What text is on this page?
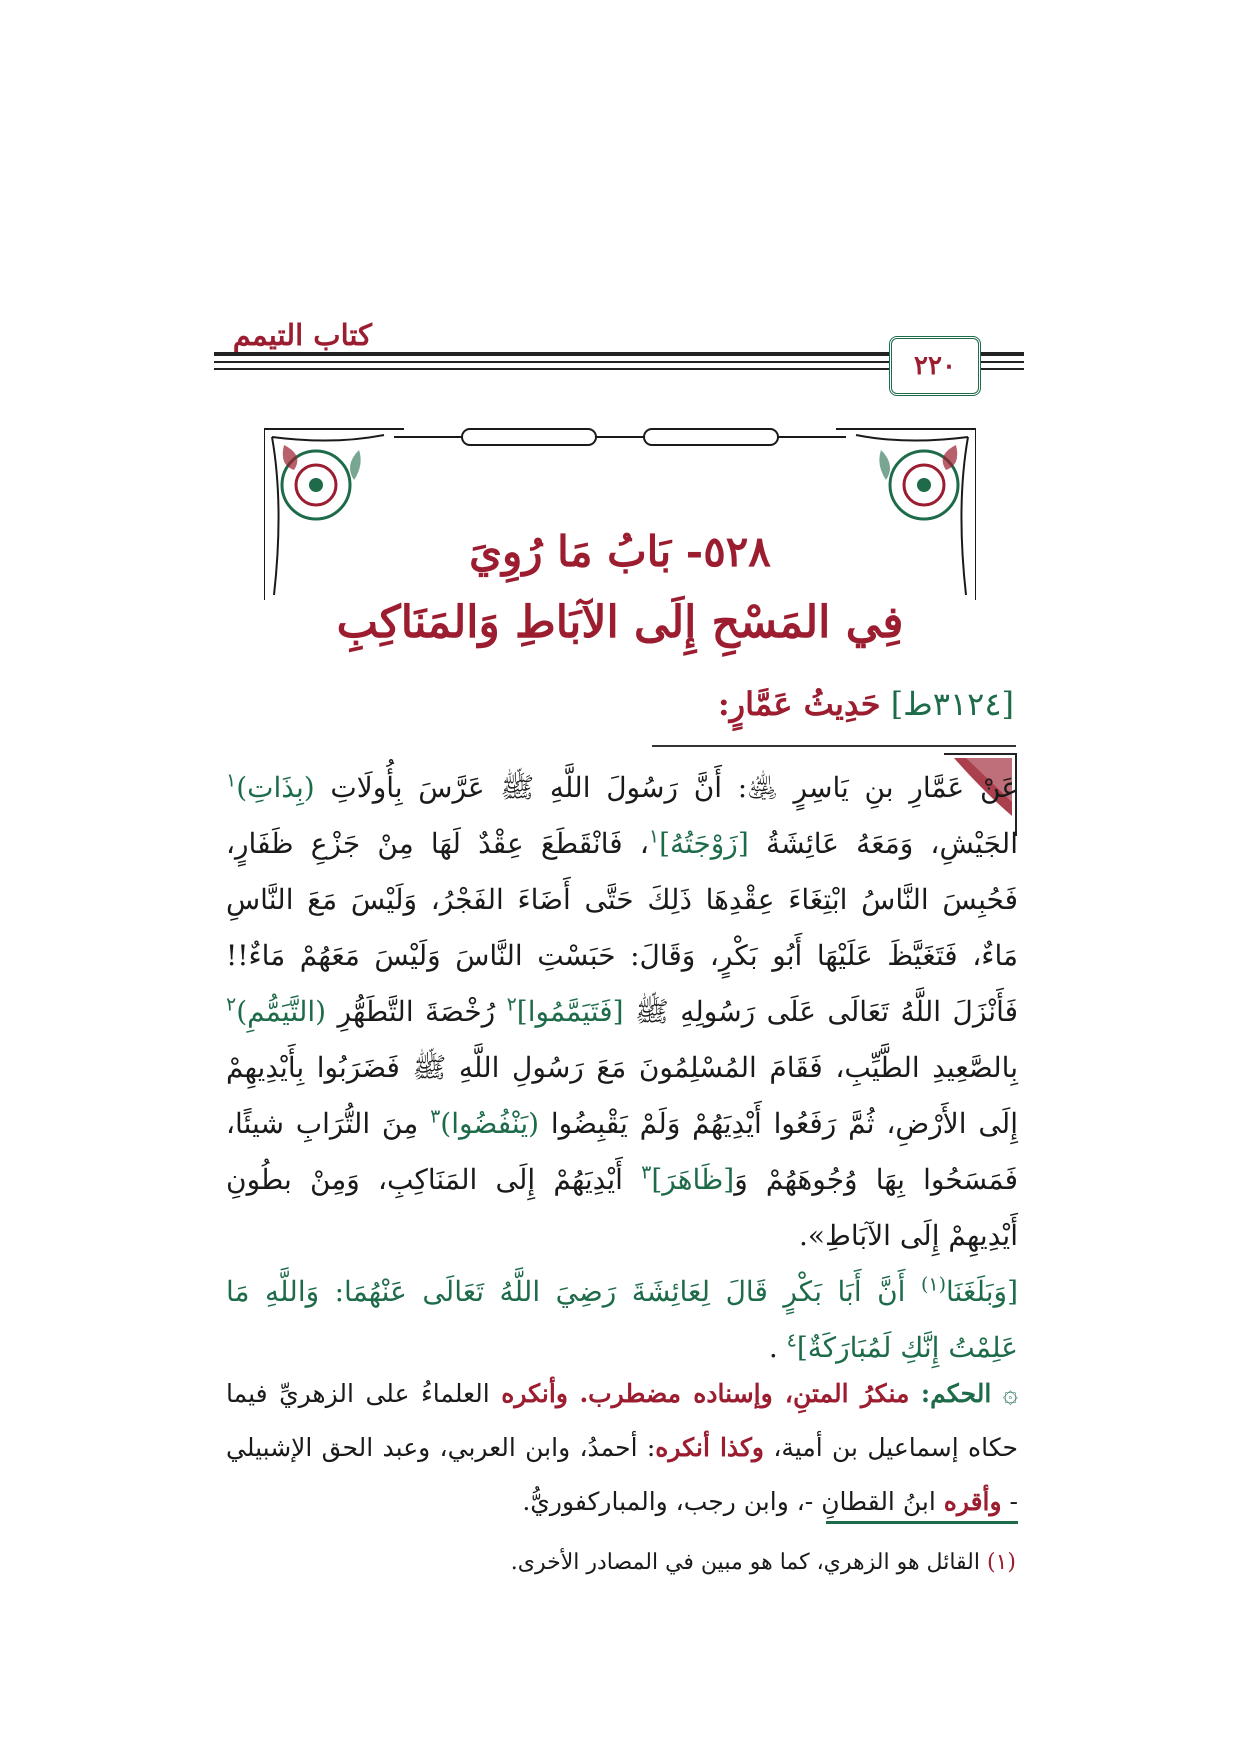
كتاب التيمم
٢٢٠
٥٢٨- بَابُ مَا رُوِيَ
فِي المَسْحِ إِلَى الآبَاطِ وَالمَنَاكِبِ
[٣١٢٤ط] حَدِيثُ عَمَّارٍ:

عَنْ عَمَّارِ بنِ يَاسِرٍ ﵁: أَنَّ رَسُولَ اللَّهِ ﷺ عَرَّسَ بِأُولَاتِ (بِذَاتِ)$^١$ الجَيْشِ، وَمَعَهُ عَائِشَةُ [زَوْجَتُهُ]$^١$، فَانْقَطَعَ عِقْدٌ لَهَا مِنْ جَزْعِ ظَفَارٍ، فَحُبِسَ النَّاسُ ابْتِغَاءَ عِقْدِهَا ذَلِكَ حَتَّى أَضَاءَ الفَجْرُ، وَلَيْسَ مَعَ النَّاسِ مَاءٌ، فَتَغَيَّظَ عَلَيْهَا أَبُو بَكْرٍ، وَقَالَ: حَبَسْتِ النَّاسَ وَلَيْسَ مَعَهُمْ مَاءٌ!! فَأَنْزَلَ اللَّهُ تَعَالَى عَلَى رَسُولِهِ ﷺ [فَتَيَمَّمُوا]$^٢$ رُخْصَةَ التَّطَهُّرِ (التَّيَمُّمِ)$^٢$ بِالصَّعِيدِ الطَّيِّبِ، فَقَامَ المُسْلِمُونَ مَعَ رَسُولِ اللَّهِ ﷺ فَضَرَبُوا بِأَيْدِيهِمْ إِلَى الأَرْضِ، ثُمَّ رَفَعُوا أَيْدِيَهُمْ وَلَمْ يَقْبِضُوا (يَنْفُضُوا)$^٣$ مِنَ التُّرَابِ شيئًا، فَمَسَحُوا بِهَا وُجُوهَهُمْ وَ[ظَاهَرَ]$^٣$ أَيْدِيَهُمْ إِلَى المَنَاكِبِ، وَمِنْ بطُونِ أَيْدِيهِمْ إِلَى الآبَاطِ».

[وَبَلَغَنَا$^{(١)}$ أَنَّ أَبَا بَكْرٍ قَالَ لِعَائِشَةَ رَضِيَ اللَّهُ تَعَالَى عَنْهُمَا: وَاللَّهِ مَا عَلِمْتُ إِنَّكِ لَمُبَارَكَةٌ]$^٤$ .

۞ الحكم: منكرُ المتنِ، وإسناده مضطرب. وأنكره العلماءُ على الزهريِّ فيما حكاه إسماعيل بن أمية، وكذا أنكره: أحمدُ، وابن العربي، وعبد الحق الإشبيلي - وأقره ابنُ القطانِ -، وابن رجب، والمباركفوريُّ.

(١) القائل هو الزهري، كما هو مبين في المصادر الأخرى.
